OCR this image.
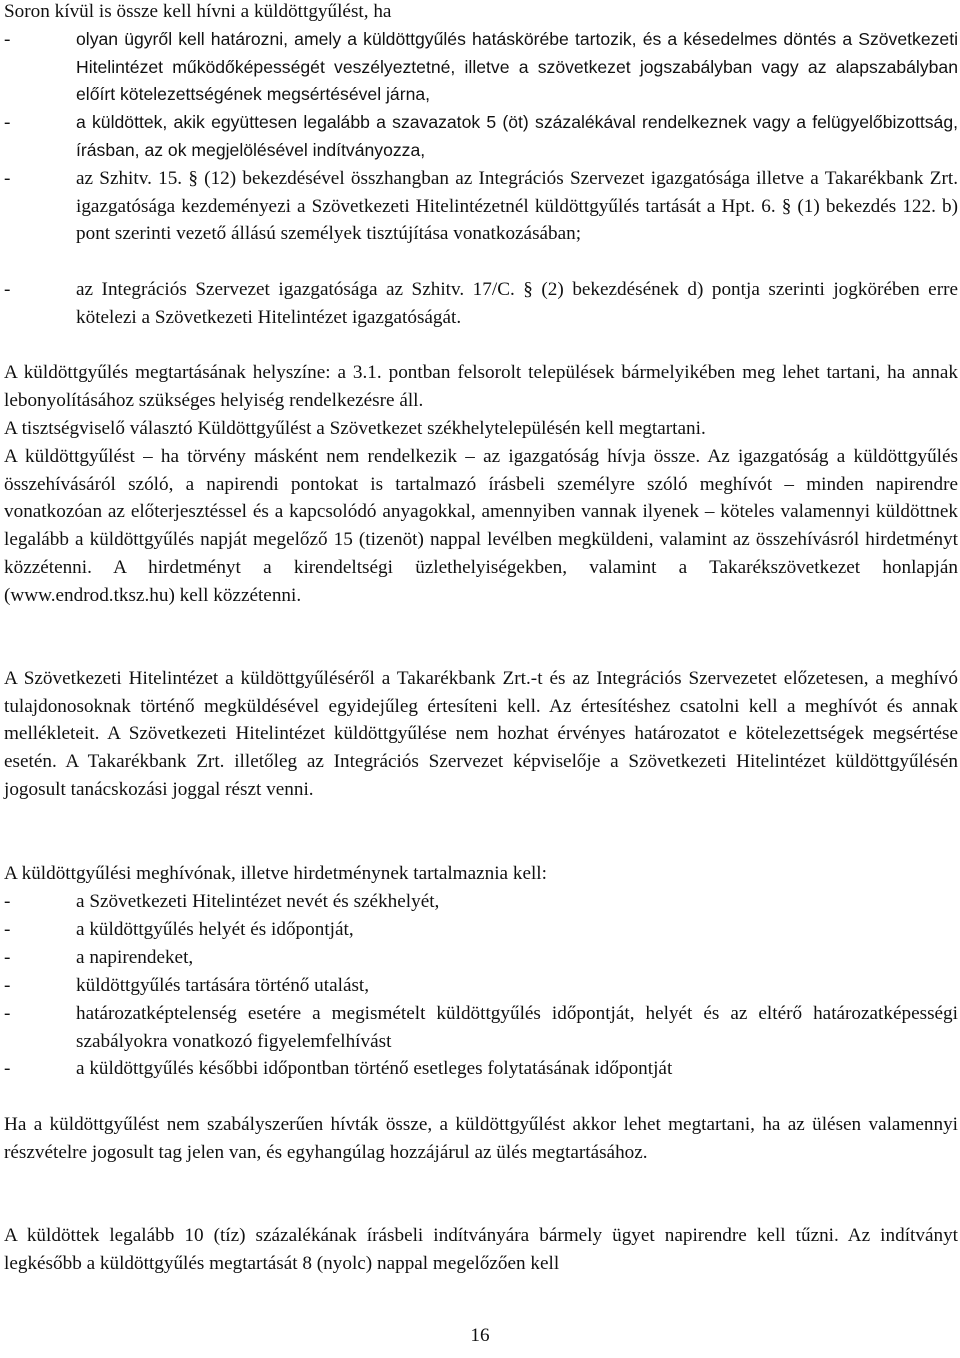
Soron kívül is össze kell hívni a küldöttgyűlést, ha

-	olyan ügyről kell határozni, amely a küldöttgyűlés hatáskörébe tartozik, és a késedelmes döntés a Szövetkezeti Hitelintézet működőképességét veszélyeztetné, illetve a szövetkezet jogszabályban vagy az alapszabályban előírt kötelezettségének megsértésével járna,
-	a küldöttek, akik együttesen legalább a szavazatok 5 (öt) százalékával rendelkeznek vagy a felügyelőbizottság, írásban, az ok megjelölésével indítványozza,
-	az Szhitv. 15. § (12) bekezdésével összhangban az Integrációs Szervezet igazgatósága illetve a Takarékbank Zrt. igazgatósága kezdeményezi a Szövetkezeti Hitelintézetnél küldöttgyűlés tartását a Hpt. 6. § (1) bekezdés 122. b) pont szerinti vezető állású személyek tisztújítása vonatkozásában;
-	az Integrációs Szervezet igazgatósága az Szhitv. 17/C. § (2) bekezdésének d) pontja szerinti jogkörében erre kötelezi a Szövetkezeti Hitelintézet igazgatóságát.

A küldöttgyűlés megtartásának helyszíne: a 3.1. pontban felsorolt települések bármelyikében meg lehet tartani, ha annak lebonyolításához szükséges helyiség rendelkezésre áll.

A tisztségviselő választó Küldöttgyűlést a Szövetkezet székhelytelepülésén kell megtartani.

A küldöttgyűlést – ha törvény másként nem rendelkezik – az igazgatóság hívja össze. Az igazgatóság a küldöttgyűlés összehívásáról szóló, a napirendi pontokat is tartalmazó írásbeli személyre szóló meghívót – minden napirendre vonatkozóan az előterjesztéssel és a kapcsolódó anyagokkal, amennyiben vannak ilyenek – köteles valamennyi küldöttnek legalább a küldöttgyűlés napját megelőző 15 (tizenöt) nappal levélben megküldeni, valamint az összehívásról hirdetményt közzétenni. A hirdetményt a kirendeltségi üzlethelyiségekben, valamint a Takarékszövetkezet honlapján (www.endrod.tksz.hu) kell közzétenni.

A Szövetkezeti Hitelintézet a küldöttgyűléséről a Takarékbank Zrt.-t és az Integrációs Szervezetet előzetesen, a meghívó tulajdonosoknak történő megküldésével egyidejűleg értesíteni kell. Az értesítéshez csatolni kell a meghívót és annak mellékleteit. A Szövetkezeti Hitelintézet küldöttgyűlése nem hozhat érvényes határozatot e kötelezettségek megsértése esetén. A Takarékbank Zrt. illetőleg az Integrációs Szervezet képviselője a Szövetkezeti Hitelintézet küldöttgyűlésén jogosult tanácskozási joggal részt venni.

A küldöttgyűlési meghívónak, illetve hirdetménynek tartalmaznia kell:

-	a Szövetkezeti Hitelintézet nevét és székhelyét,
-	a küldöttgyűlés helyét és időpontját,
-	a napirendeket,
-	küldöttgyűlés tartására történő utalást,
-	határozatképtelenség esetére a megismételt küldöttgyűlés időpontját, helyét és az eltérő határozatképességi szabályokra vonatkozó figyelemfelhívást
-	a küldöttgyűlés későbbi időpontban történő esetleges folytatásának időpontját

Ha a küldöttgyűlést nem szabályszerűen hívták össze, a küldöttgyűlést akkor lehet megtartani, ha az ülésen valamennyi részvételre jogosult tag jelen van, és egyhangúlag hozzájárul az ülés megtartásához.

A küldöttek legalább 10 (tíz) százalékának írásbeli indítványára bármely ügyet napirendre kell tűzni. Az indítványt legkésőbb a küldöttgyűlés megtartását 8 (nyolc) nappal megelőzően kell

16
